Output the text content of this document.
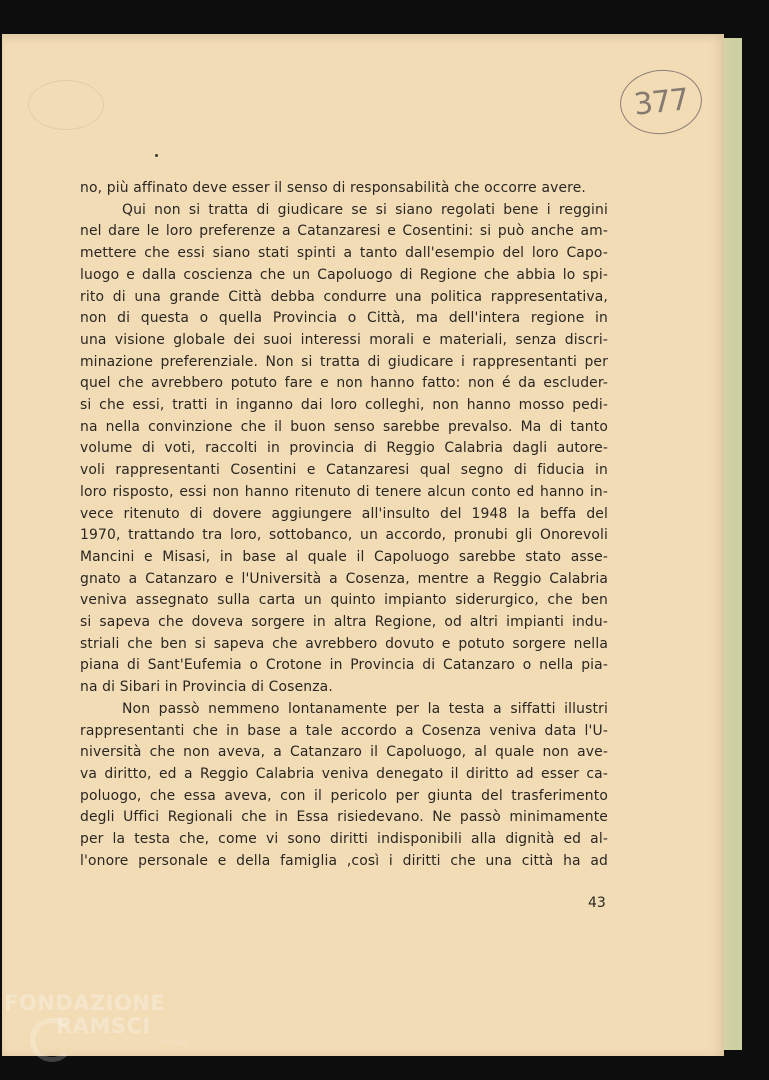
377
no, più affinato deve esser il senso di responsabilità che occorre avere.
Qui non si tratta di giudicare se si siano regolati bene i reggini
nel dare le loro preferenze a Catanzaresi e Cosentini: si può anche am-
mettere che essi siano stati spinti a tanto dall'esempio del loro Capo-
luogo e dalla coscienza che un Capoluogo di Regione che abbia lo spi-
rito di una grande Città debba condurre una politica rappresentativa,
non di questa o quella Provincia o Città, ma dell'intera regione in
una visione globale dei suoi interessi morali e materiali, senza discri-
minazione preferenziale. Non si tratta di giudicare i rappresentanti per
quel che avrebbero potuto fare e non hanno fatto: non é da escluder-
si che essi, tratti in inganno dai loro colleghi, non hanno mosso pedi-
na nella convinzione che il buon senso sarebbe prevalso. Ma di tanto
volume di voti, raccolti in provincia di Reggio Calabria dagli autore-
voli rappresentanti Cosentini e Catanzaresi qual segno di fiducia in
loro risposto, essi non hanno ritenuto di tenere alcun conto ed hanno in-
vece ritenuto di dovere aggiungere all'insulto del 1948 la beffa del
1970, trattando tra loro, sottobanco, un accordo, pronubi gli Onorevoli
Mancini e Misasi, in base al quale il Capoluogo sarebbe stato asse-
gnato a Catanzaro e l'Università a Cosenza, mentre a Reggio Calabria
veniva assegnato sulla carta un quinto impianto siderurgico, che ben
si sapeva che doveva sorgere in altra Regione, od altri impianti indu-
striali che ben si sapeva che avrebbero dovuto e potuto sorgere nella
piana di Sant'Eufemia o Crotone in Provincia di Catanzaro o nella pia-
na di Sibari in Provincia di Cosenza.
Non passò nemmeno lontanamente per la testa a siffatti illustri
rappresentanti che in base a tale accordo a Cosenza veniva data l'U-
niversità che non aveva, a Catanzaro il Capoluogo, al quale non ave-
va diritto, ed a Reggio Calabria veniva denegato il diritto ad esser ca-
poluogo, che essa aveva, con il pericolo per giunta del trasferimento
degli Uffici Regionali che in Essa risiedevano. Ne passò minimamente
per la testa che, come vi sono diritti indisponibili alla dignità ed al-
l'onore personale e della famiglia ,così i diritti che una città ha ad
43
FONDAZIONE
RAMSCI
onlus
